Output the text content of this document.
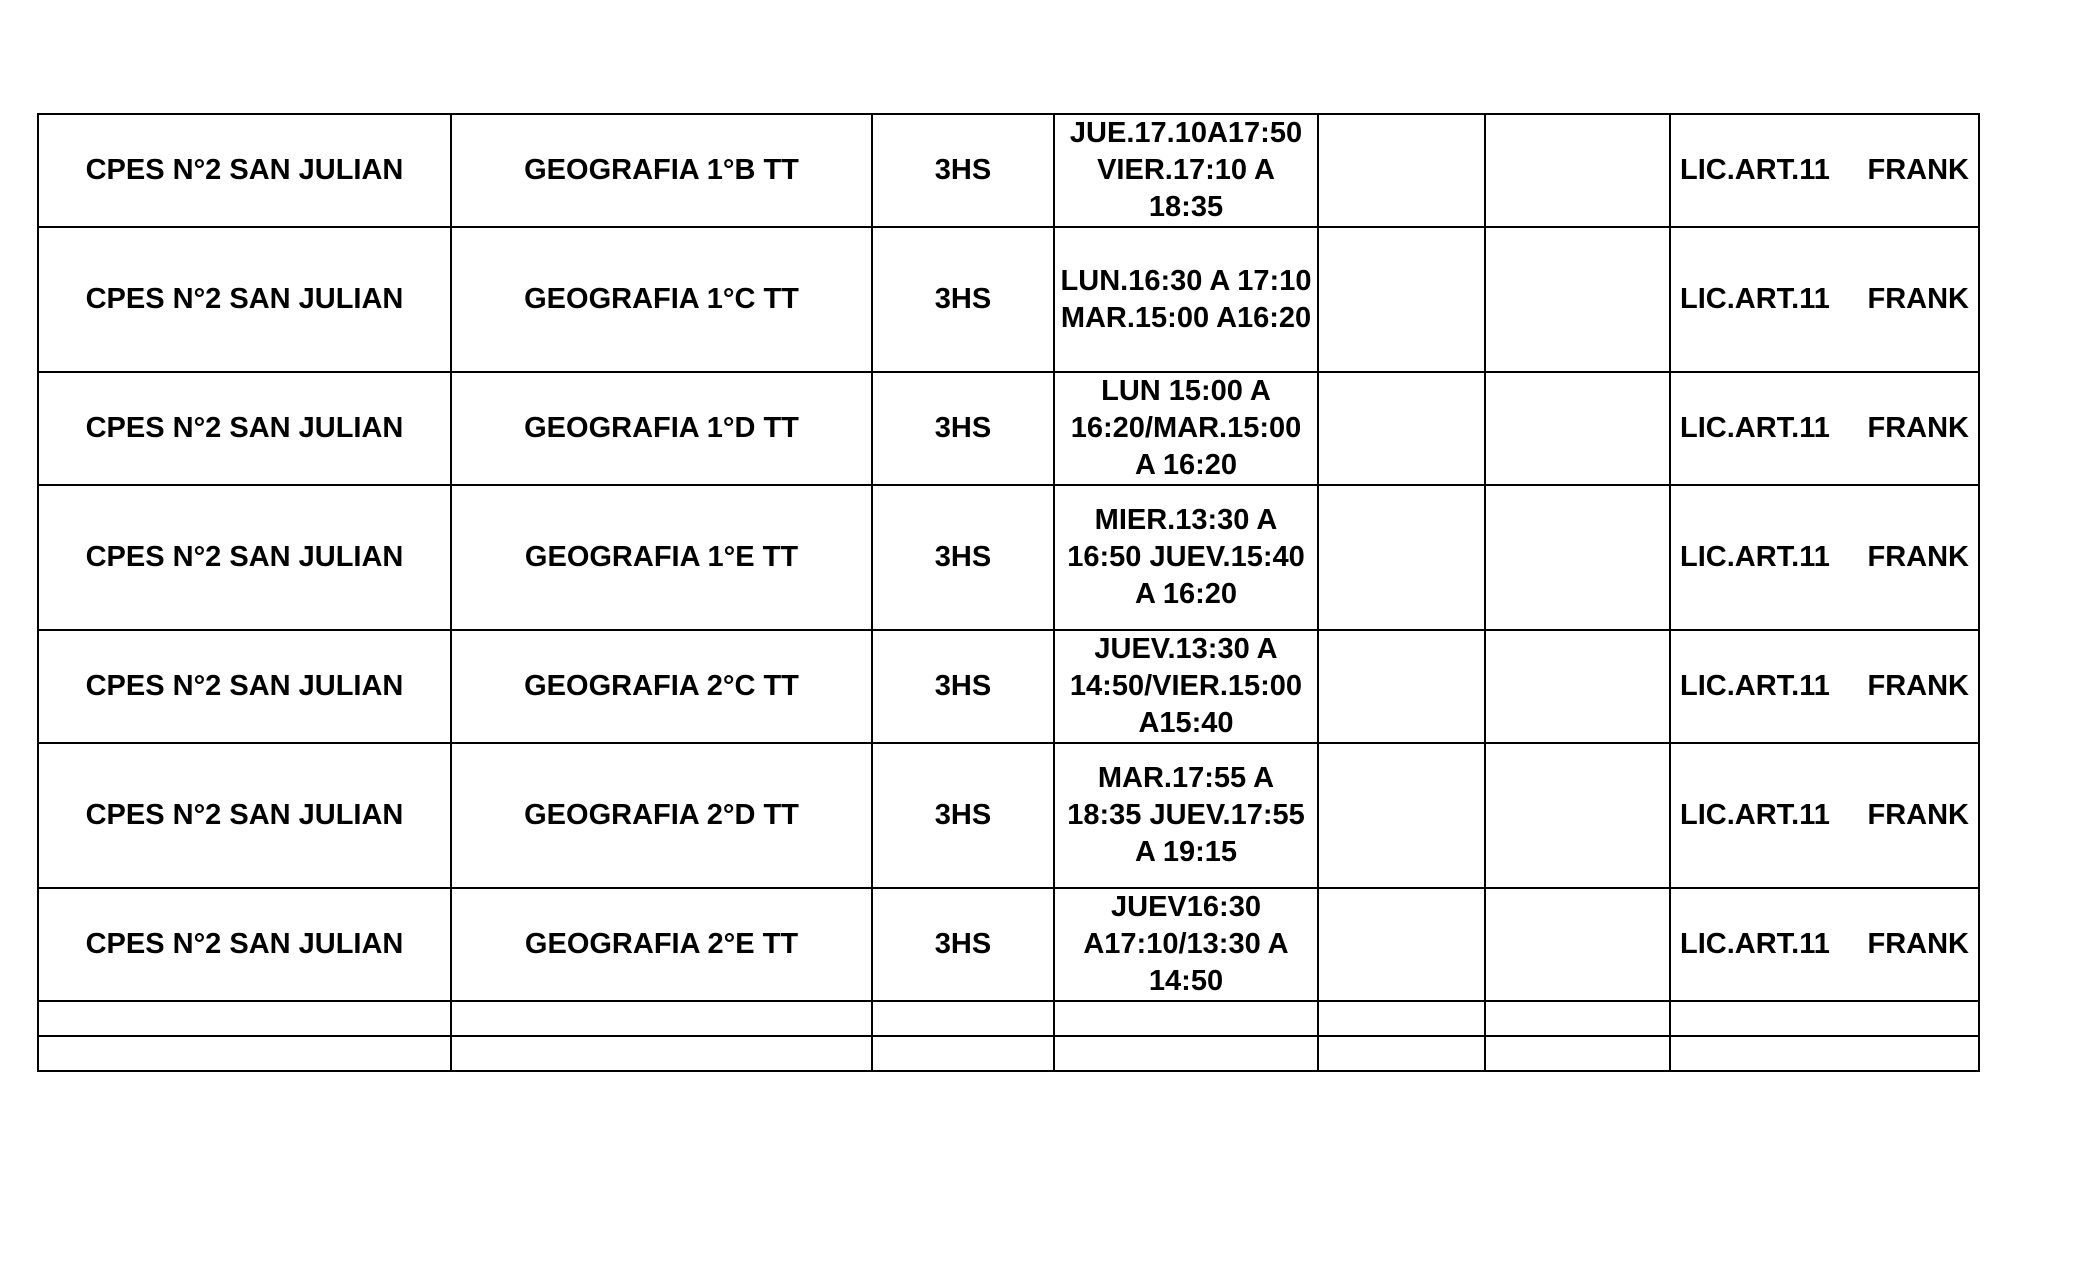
CPES N°2 SAN JULIAN	GEOGRAFIA 1°B TT	3HS	JUE.17.10A17:50 VIER.17:10 A 18:35			LIC.ART.11 FRANK

CPES N°2 SAN JULIAN	GEOGRAFIA 1°C TT	3HS	LUN.16:30 A 17:10 MAR.15:00 A16:20			LIC.ART.11 FRANK

CPES N°2 SAN JULIAN	GEOGRAFIA 1°D TT	3HS	LUN 15:00 A 16:20/MAR.15:00 A 16:20			LIC.ART.11 FRANK

CPES N°2 SAN JULIAN	GEOGRAFIA 1°E TT	3HS	MIER.13:30 A 16:50 JUEV.15:40 A 16:20			LIC.ART.11 FRANK

CPES N°2 SAN JULIAN	GEOGRAFIA 2°C TT	3HS	JUEV.13:30 A 14:50/VIER.15:00 A15:40			LIC.ART.11 FRANK

CPES N°2 SAN JULIAN	GEOGRAFIA 2°D TT	3HS	MAR.17:55 A 18:35 JUEV.17:55 A 19:15			LIC.ART.11 FRANK

CPES N°2 SAN JULIAN	GEOGRAFIA 2°E TT	3HS	JUEV16:30 A17:10/13:30 A 14:50			LIC.ART.11 FRANK
